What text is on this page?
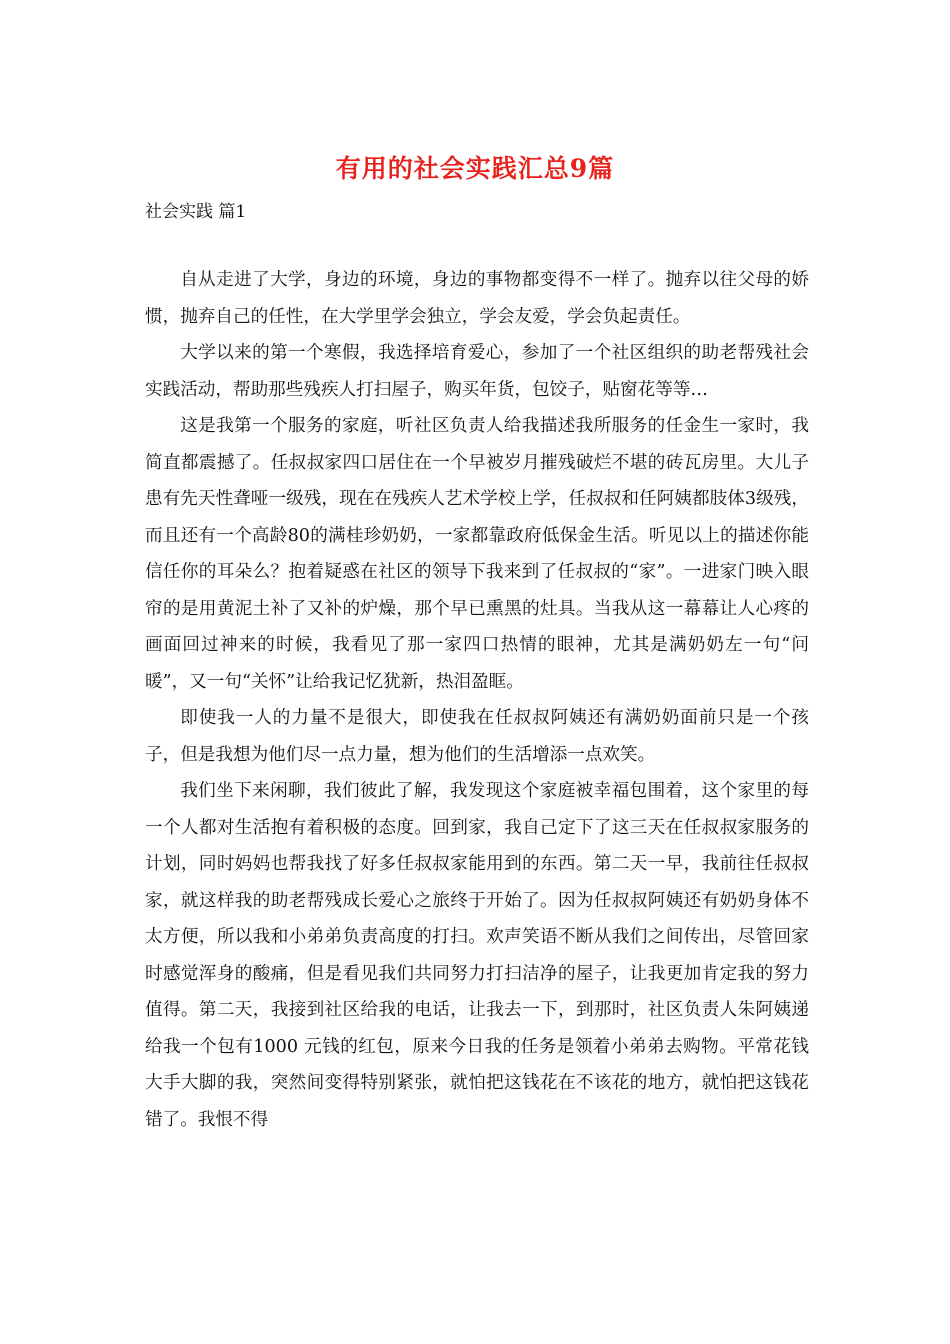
有用的社会实践汇总9篇
社会实践 篇1

自从走进了大学，身边的环境，身边的事物都变得不一样了。抛弃以往父母的娇惯，抛弃自己的任性，在大学里学会独立，学会友爱，学会负起责任。

大学以来的第一个寒假，我选择培育爱心，参加了一个社区组织的助老帮残社会实践活动，帮助那些残疾人打扫屋子，购买年货，包饺子，贴窗花等等…

这是我第一个服务的家庭，听社区负责人给我描述我所服务的任金生一家时，我简直都震撼了。任叔叔家四口居住在一个早被岁月摧残破烂不堪的砖瓦房里。大儿子患有先天性聋哑一级残，现在在残疾人艺术学校上学，任叔叔和任阿姨都肢体3级残，而且还有一个高龄80的满桂珍奶奶，一家都靠政府低保金生活。听见以上的描述你能信任你的耳朵么？抱着疑惑在社区的领导下我来到了任叔叔的“家”。一进家门映入眼帘的是用黄泥土补了又补的炉燥，那个早已熏黑的灶具。当我从这一幕幕让人心疼的画面回过神来的时候，我看见了那一家四口热情的眼神，尤其是满奶奶左一句“问暖”，又一句“关怀”让给我记忆犹新，热泪盈眶。

即使我一人的力量不是很大，即使我在任叔叔阿姨还有满奶奶面前只是一个孩子，但是我想为他们尽一点力量，想为他们的生活增添一点欢笑。

我们坐下来闲聊，我们彼此了解，我发现这个家庭被幸福包围着，这个家里的每一个人都对生活抱有着积极的态度。回到家，我自己定下了这三天在任叔叔家服务的计划，同时妈妈也帮我找了好多任叔叔家能用到的东西。第二天一早，我前往任叔叔家，就这样我的助老帮残成长爱心之旅终于开始了。因为任叔叔阿姨还有奶奶身体不太方便，所以我和小弟弟负责高度的打扫。欢声笑语不断从我们之间传出，尽管回家时感觉浑身的酸痛，但是看见我们共同努力打扫洁净的屋子，让我更加肯定我的努力值得。第二天，我接到社区给我的电话，让我去一下，到那时，社区负责人朱阿姨递给我一个包有1000 元钱的红包，原来今日我的任务是领着小弟弟去购物。平常花钱大手大脚的我，突然间变得特别紧张，就怕把这钱花在不该花的地方，就怕把这钱花错了。我恨不得
